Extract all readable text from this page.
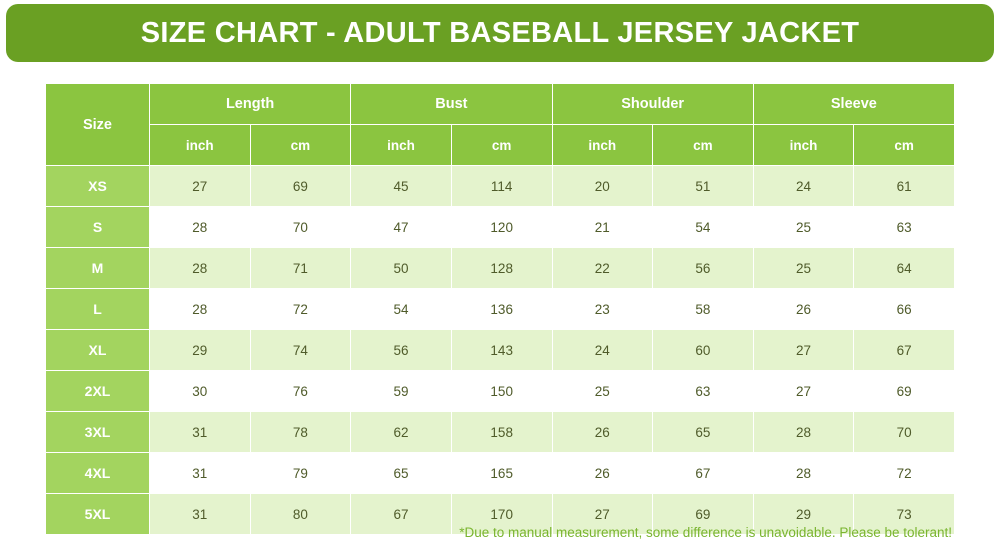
SIZE CHART - ADULT BASEBALL JERSEY JACKET
Size	Length		Bust		Shoulder		Sleeve	
	inch	cm	inch	cm	inch	cm	inch	cm
XS	27	69	45	114	20	51	24	61
S	28	70	47	120	21	54	25	63
M	28	71	50	128	22	56	25	64
L	28	72	54	136	23	58	26	66
XL	29	74	56	143	24	60	27	67
2XL	30	76	59	150	25	63	27	69
3XL	31	78	62	158	26	65	28	70
4XL	31	79	65	165	26	67	28	72
5XL	31	80	67	170	27	69	29	73
*Due to manual measurement, some difference is unavoidable. Please be tolerant!
